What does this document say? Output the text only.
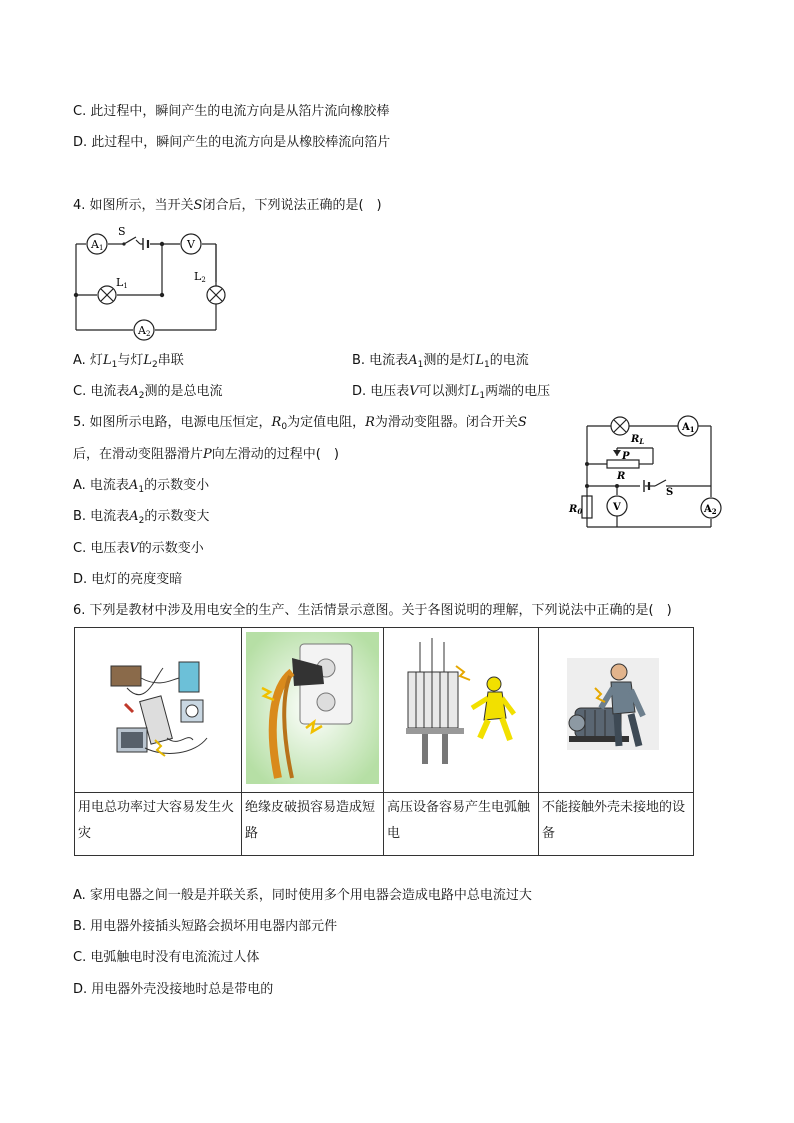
C. 此过程中，瞬间产生的电流方向是从箔片流向橡胶棒
D. 此过程中，瞬间产生的电流方向是从橡胶棒流向箔片
4. 如图所示，当开关S闭合后，下列说法正确的是(　)
A1	V
A2
S
L1
L2
A. 灯$L_1$与灯$L_2$串联	B. 电流表$A_1$测的是灯$L_1$的电流
C. 电流表$A_2$测的是总电流	D. 电压表V可以测灯$L_1$两端的电压
5. 如图所示电路，电源电压恒定，$R_0$为定值电阻，R为滑动变阻器。闭合开关S
后，在滑动变阻器滑片P向左滑动的过程中(　)
A. 电流表$A_1$的示数变小
B. 电流表$A_2$的示数变大
C. 电压表V的示数变小
D. 电灯的亮度变暗
$R_L$
$A_1$
P
R
S
V	$A_2$
$R_0$
6. 下列是教材中涉及用电安全的生产、生活情景示意图。关于各图说明的理解，下列说法中正确的是(　)

用电总功率过大容易发生火灾	绝缘皮破损容易造成短路	高压设备容易产生电弧触电	不能接触外壳未接地的设备
A. 家用电器之间一般是并联关系，同时使用多个用电器会造成电路中总电流过大
B. 用电器外接插头短路会损坏用电器内部元件
C. 电弧触电时没有电流流过人体
D. 用电器外壳没接地时总是带电的
